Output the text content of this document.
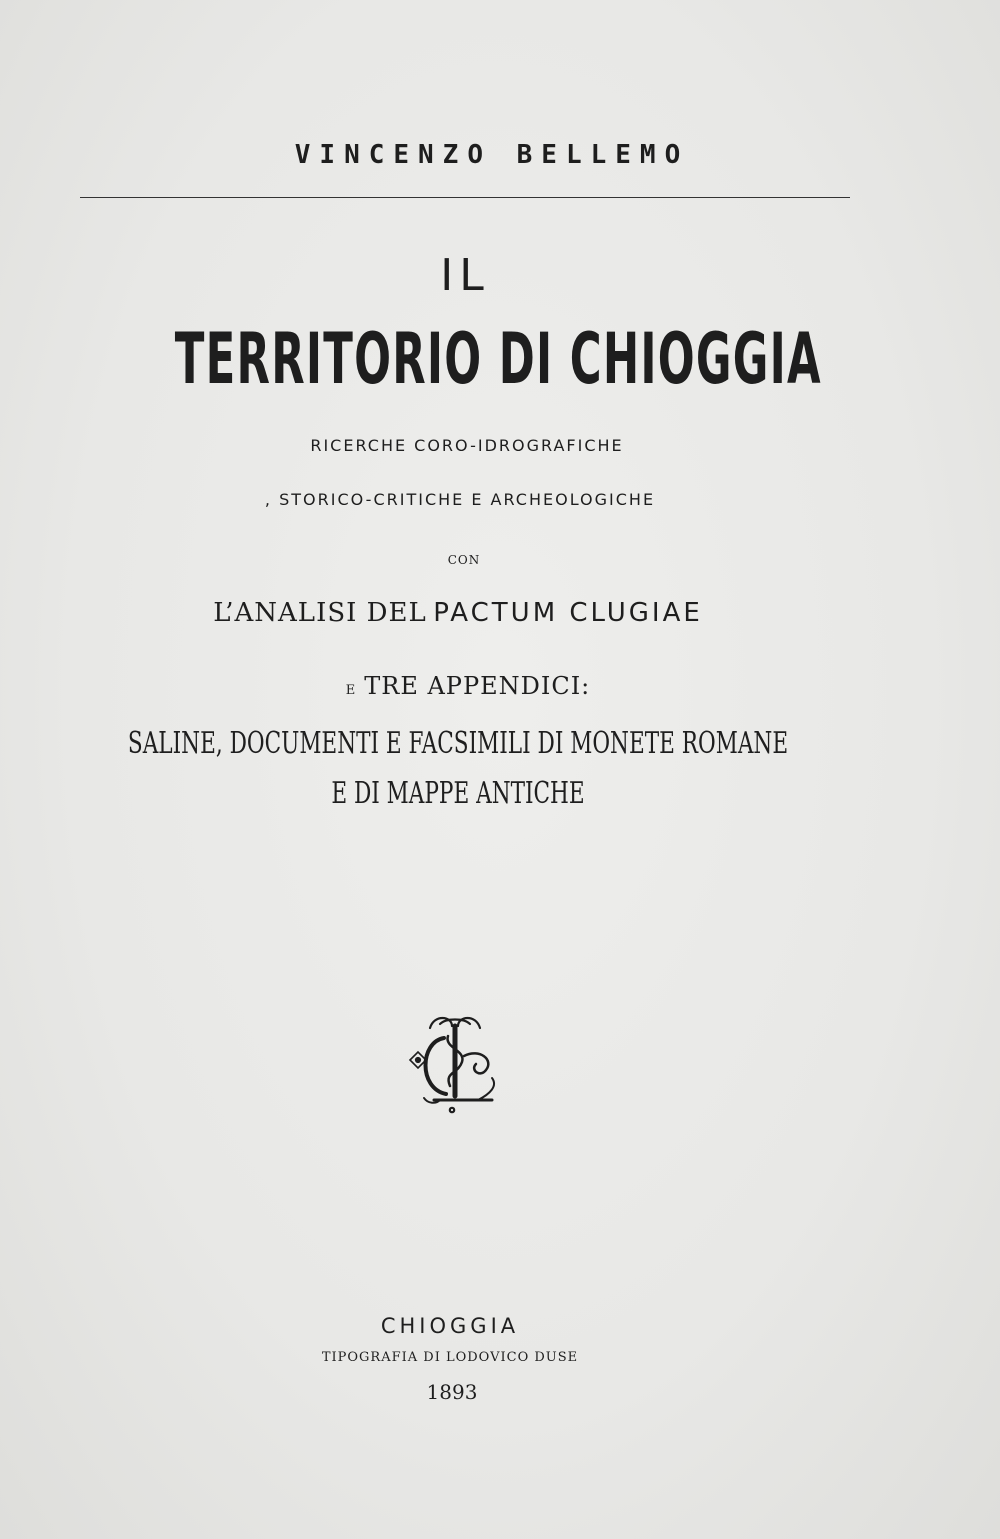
VINCENZO BELLEMO
IL
TERRITORIO DI CHIOGGIA
RICERCHE CORO-IDROGRAFICHE
, STORICO-CRITICHE E ARCHEOLOGICHE
CON
L’ANALISI DEL PACTUM CLUGIAE
E TRE APPENDICI:
SALINE, DOCUMENTI E FACSIMILI DI MONETE ROMANE
E DI MAPPE ANTICHE
CHIOGGIA
TIPOGRAFIA DI LODOVICO DUSE
1893
